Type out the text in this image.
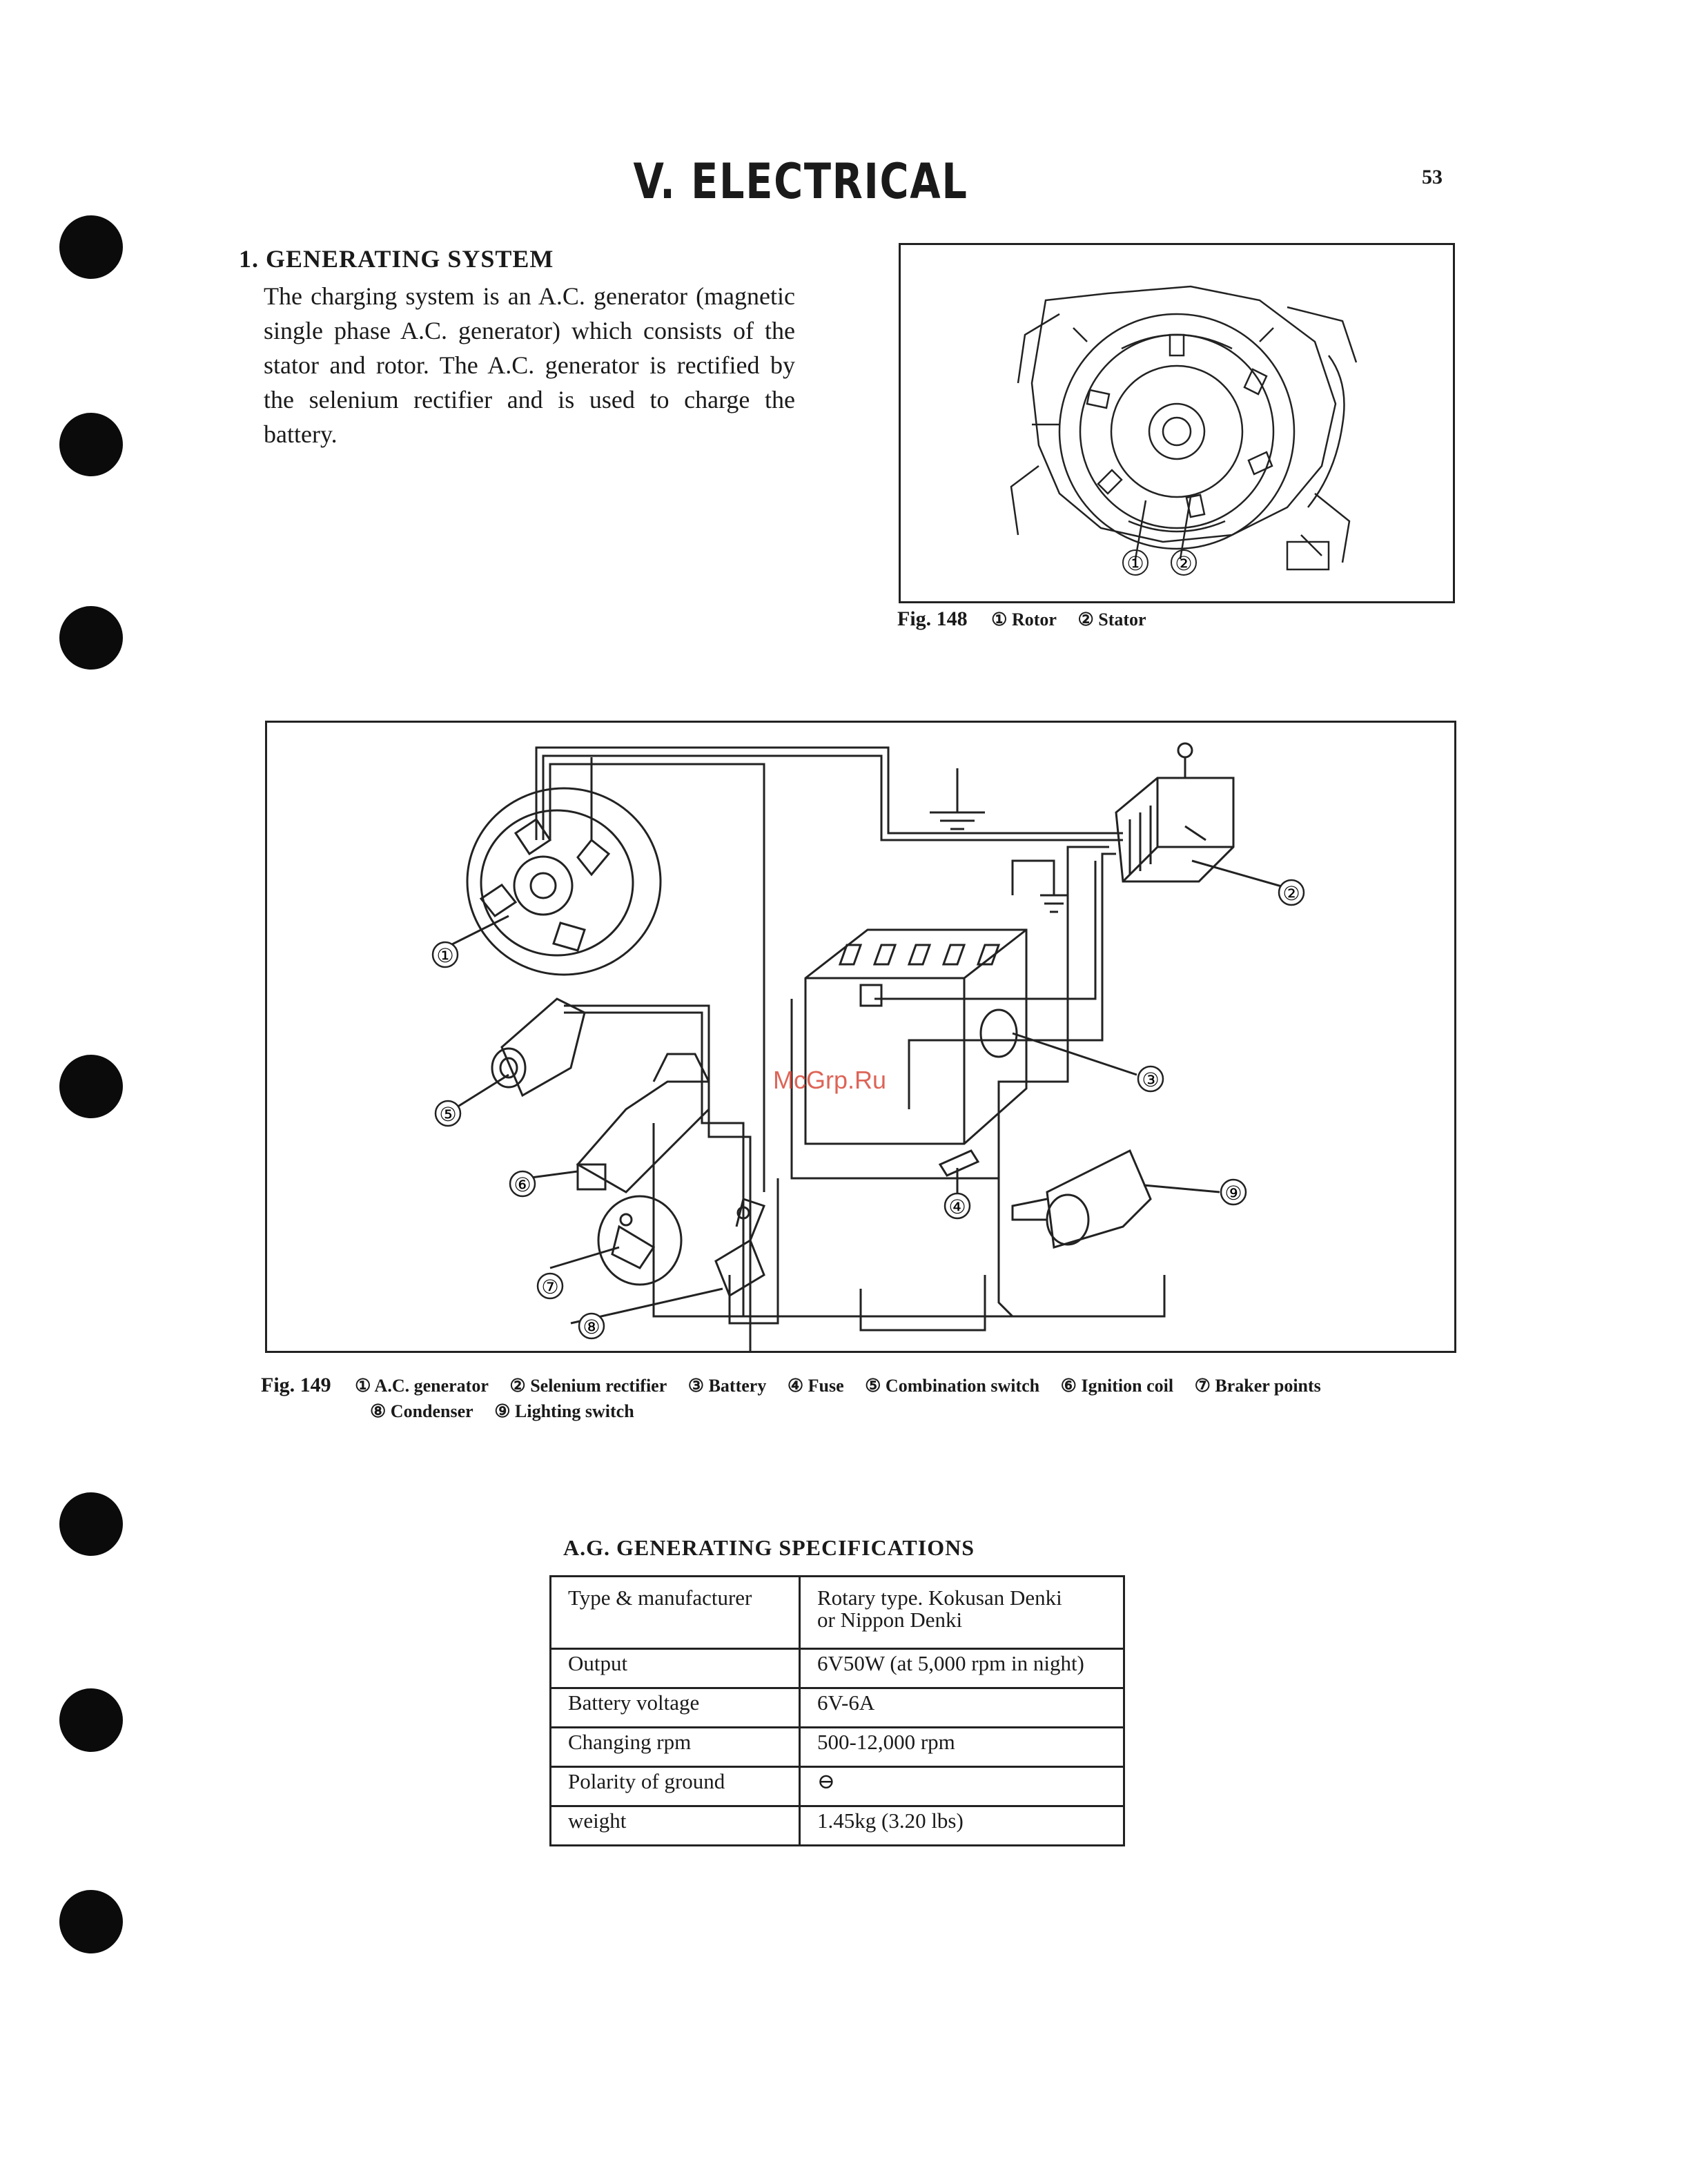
V. ELECTRICAL	53
1. GENERATING SYSTEM
The charging system is an A.C. generator (magnetic single phase A.C. generator) which consists of the stator and rotor. The A.C. generator is rectified by the selenium rectifier and is used to charge the battery.
① ②
Fig. 148 ① Rotor ② Stator
①
②
③
④
⑤
⑥
⑦
⑧
⑨
McGrp.Ru
Fig. 149 ① A.C. generator ② Selenium rectifier ③ Battery ④ Fuse ⑤ Combination switch ⑥ Ignition coil ⑦ Braker points
⑧ Condenser ⑨ Lighting switch
A.G. GENERATING SPECIFICATIONS
Type & manufacturer	Rotary type. Kokusan Denki
or Nippon Denki

Output	6V50W (at 5,000 rpm in night)
Battery voltage	6V-6A
Changing rpm	500-12,000 rpm
Polarity of ground	⊖
weight	1.45kg (3.20 lbs)
